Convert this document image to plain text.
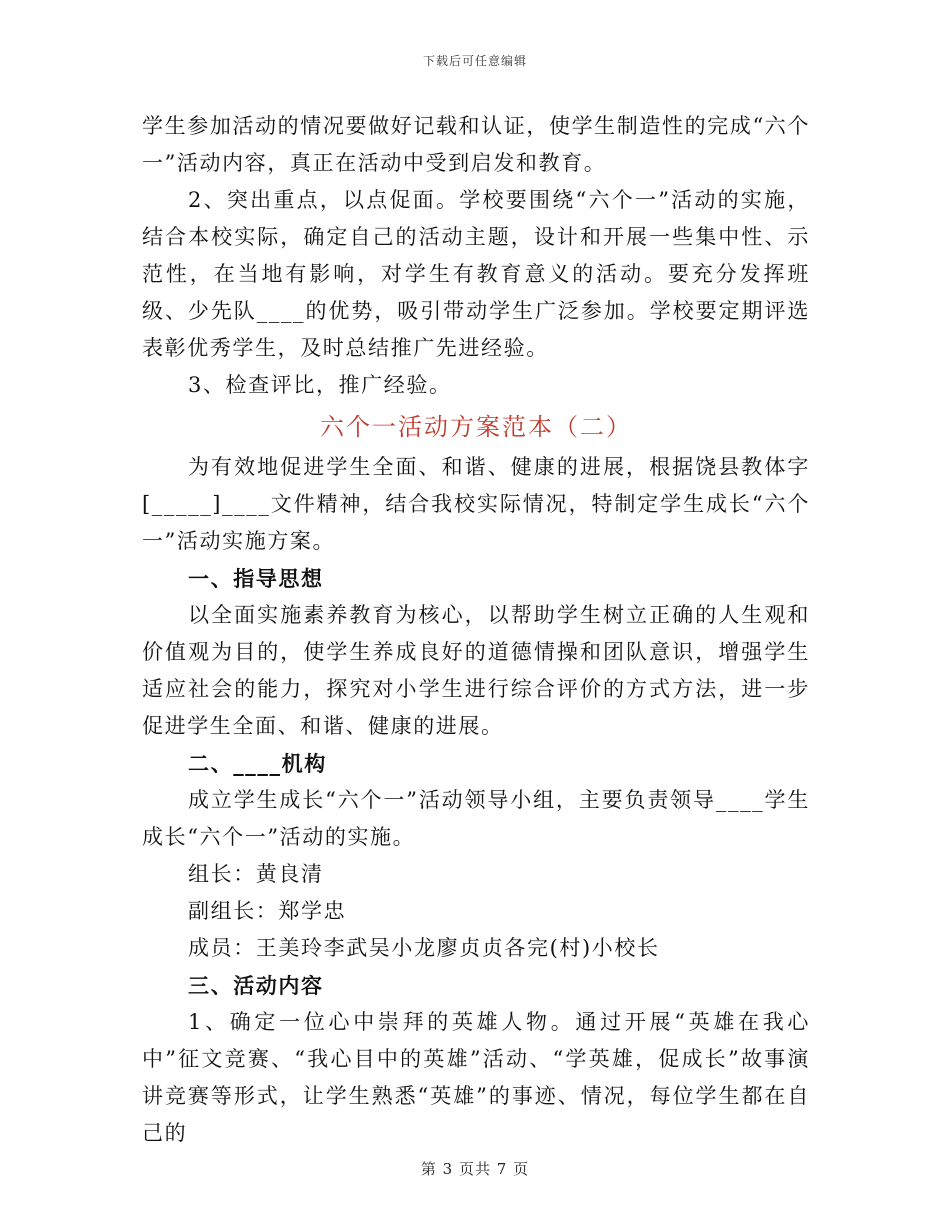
下载后可任意编辑

学生参加活动的情况要做好记载和认证，使学生制造性的完成“六个一”活动内容，真正在活动中受到启发和教育。

2、突出重点，以点促面。学校要围绕“六个一”活动的实施，结合本校实际，确定自己的活动主题，设计和开展一些集中性、示范性，在当地有影响，对学生有教育意义的活动。要充分发挥班级、少先队____的优势，吸引带动学生广泛参加。学校要定期评选表彰优秀学生，及时总结推广先进经验。

3、检查评比，推广经验。

六个一活动方案范本（二）

为有效地促进学生全面、和谐、健康的进展，根据饶县教体字[_____]____文件精神，结合我校实际情况，特制定学生成长“六个一”活动实施方案。

一、指导思想

以全面实施素养教育为核心，以帮助学生树立正确的人生观和价值观为目的，使学生养成良好的道德情操和团队意识，增强学生适应社会的能力，探究对小学生进行综合评价的方式方法，进一步促进学生全面、和谐、健康的进展。

二、____机构

成立学生成长“六个一”活动领导小组，主要负责领导____学生成长“六个一”活动的实施。

组长：黄良清

副组长：郑学忠

成员：王美玲李武吴小龙廖贞贞各完(村)小校长

三、活动内容

1、确定一位心中崇拜的英雄人物。通过开展“英雄在我心中”征文竞赛、“我心目中的英雄”活动、“学英雄，促成长”故事演讲竞赛等形式，让学生熟悉“英雄”的事迹、情况，每位学生都在自己的

第 3 页共 7 页
